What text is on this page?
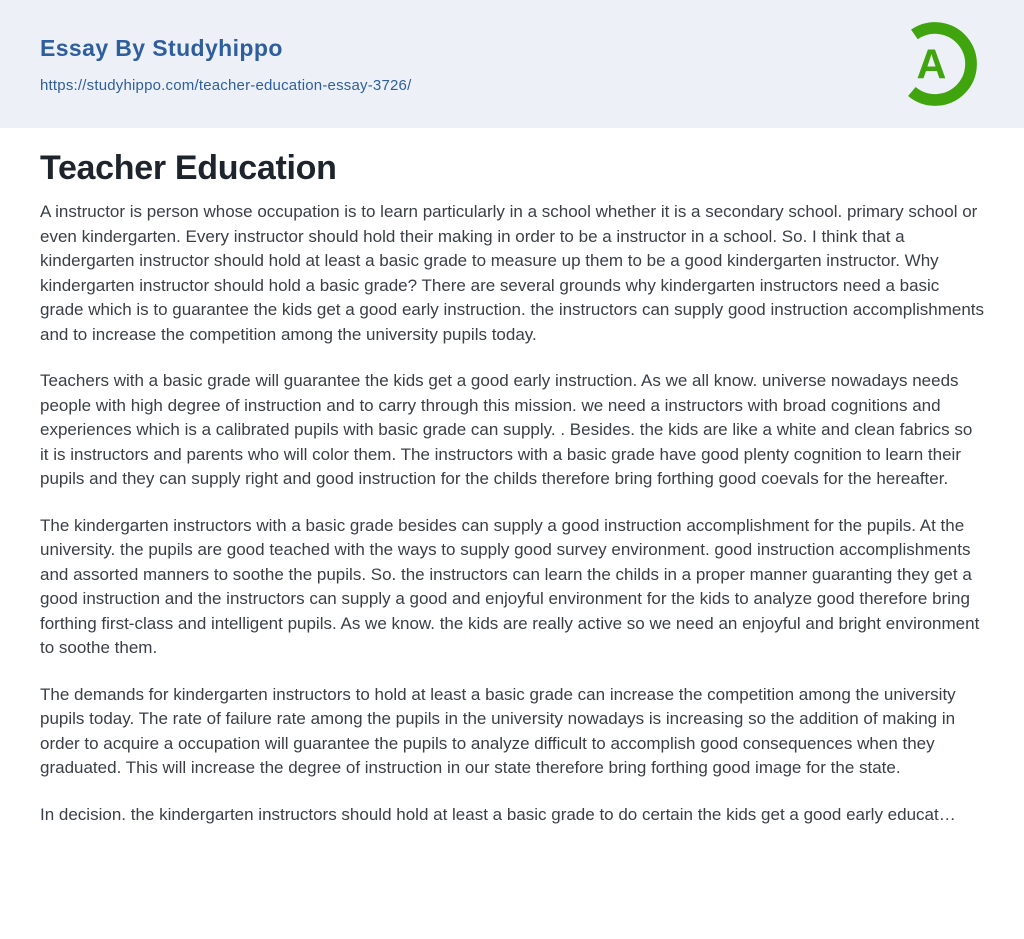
Essay By Studyhippo
https://studyhippo.com/teacher-education-essay-3726/	A
Teacher Education

A instructor is person whose occupation is to learn particularly in a school whether it is a secondary school. primary school or even kindergarten. Every instructor should hold their making in order to be a instructor in a school. So. I think that a kindergarten instructor should hold at least a basic grade to measure up them to be a good kindergarten instructor. Why kindergarten instructor should hold a basic grade? There are several grounds why kindergarten instructors need a basic grade which is to guarantee the kids get a good early instruction. the instructors can supply good instruction accomplishments and to increase the competition among the university pupils today.

Teachers with a basic grade will guarantee the kids get a good early instruction. As we all know. universe nowadays needs people with high degree of instruction and to carry through this mission. we need a instructors with broad cognitions and experiences which is a calibrated pupils with basic grade can supply. . Besides. the kids are like a white and clean fabrics so it is instructors and parents who will color them. The instructors with a basic grade have good plenty cognition to learn their pupils and they can supply right and good instruction for the childs therefore bring forthing good coevals for the hereafter.

The kindergarten instructors with a basic grade besides can supply a good instruction accomplishment for the pupils. At the university. the pupils are good teached with the ways to supply good survey environment. good instruction accomplishments and assorted manners to soothe the pupils. So. the instructors can learn the childs in a proper manner guaranting they get a good instruction and the instructors can supply a good and enjoyful environment for the kids to analyze good therefore bring forthing first-class and intelligent pupils. As we know. the kids are really active so we need an enjoyful and bright environment to soothe them.

The demands for kindergarten instructors to hold at least a basic grade can increase the competition among the university pupils today. The rate of failure rate among the pupils in the university nowadays is increasing so the addition of making in order to acquire a occupation will guarantee the pupils to analyze difficult to accomplish good consequences when they graduated. This will increase the degree of instruction in our state therefore bring forthing good image for the state.

In decision. the kindergarten instructors should hold at least a basic grade to do certain the kids get a good early educat…
